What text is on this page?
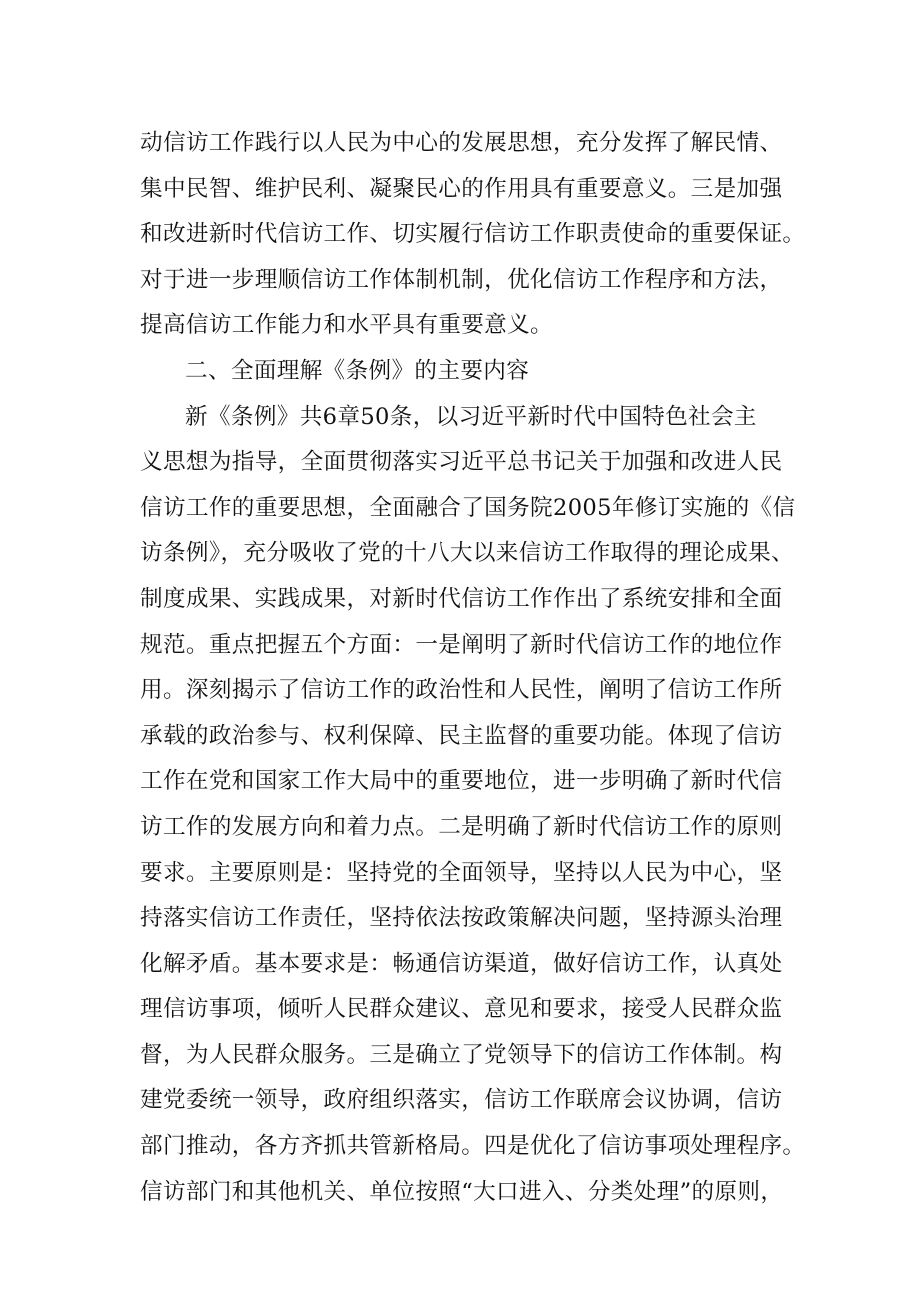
动信访工作践行以人民为中心的发展思想，充分发挥了解民情、
集中民智、维护民利、凝聚民心的作用具有重要意义。三是加强
和改进新时代信访工作、切实履行信访工作职责使命的重要保证。
对于进一步理顺信访工作体制机制，优化信访工作程序和方法，
提高信访工作能力和水平具有重要意义。
二、全面理解《条例》的主要内容
新《条例》共6章50条，以习近平新时代中国特色社会主
义思想为指导，全面贯彻落实习近平总书记关于加强和改进人民
信访工作的重要思想，全面融合了国务院2005年修订实施的《信
访条例》，充分吸收了党的十八大以来信访工作取得的理论成果、
制度成果、实践成果，对新时代信访工作作出了系统安排和全面
规范。重点把握五个方面：一是阐明了新时代信访工作的地位作
用。深刻揭示了信访工作的政治性和人民性，阐明了信访工作所
承载的政治参与、权利保障、民主监督的重要功能。体现了信访
工作在党和国家工作大局中的重要地位，进一步明确了新时代信
访工作的发展方向和着力点。二是明确了新时代信访工作的原则
要求。主要原则是：坚持党的全面领导，坚持以人民为中心，坚
持落实信访工作责任，坚持依法按政策解决问题，坚持源头治理
化解矛盾。基本要求是：畅通信访渠道，做好信访工作，认真处
理信访事项，倾听人民群众建议、意见和要求，接受人民群众监
督，为人民群众服务。三是确立了党领导下的信访工作体制。构
建党委统一领导，政府组织落实，信访工作联席会议协调，信访
部门推动，各方齐抓共管新格局。四是优化了信访事项处理程序。
信访部门和其他机关、单位按照“大口进入、分类处理”的原则，
